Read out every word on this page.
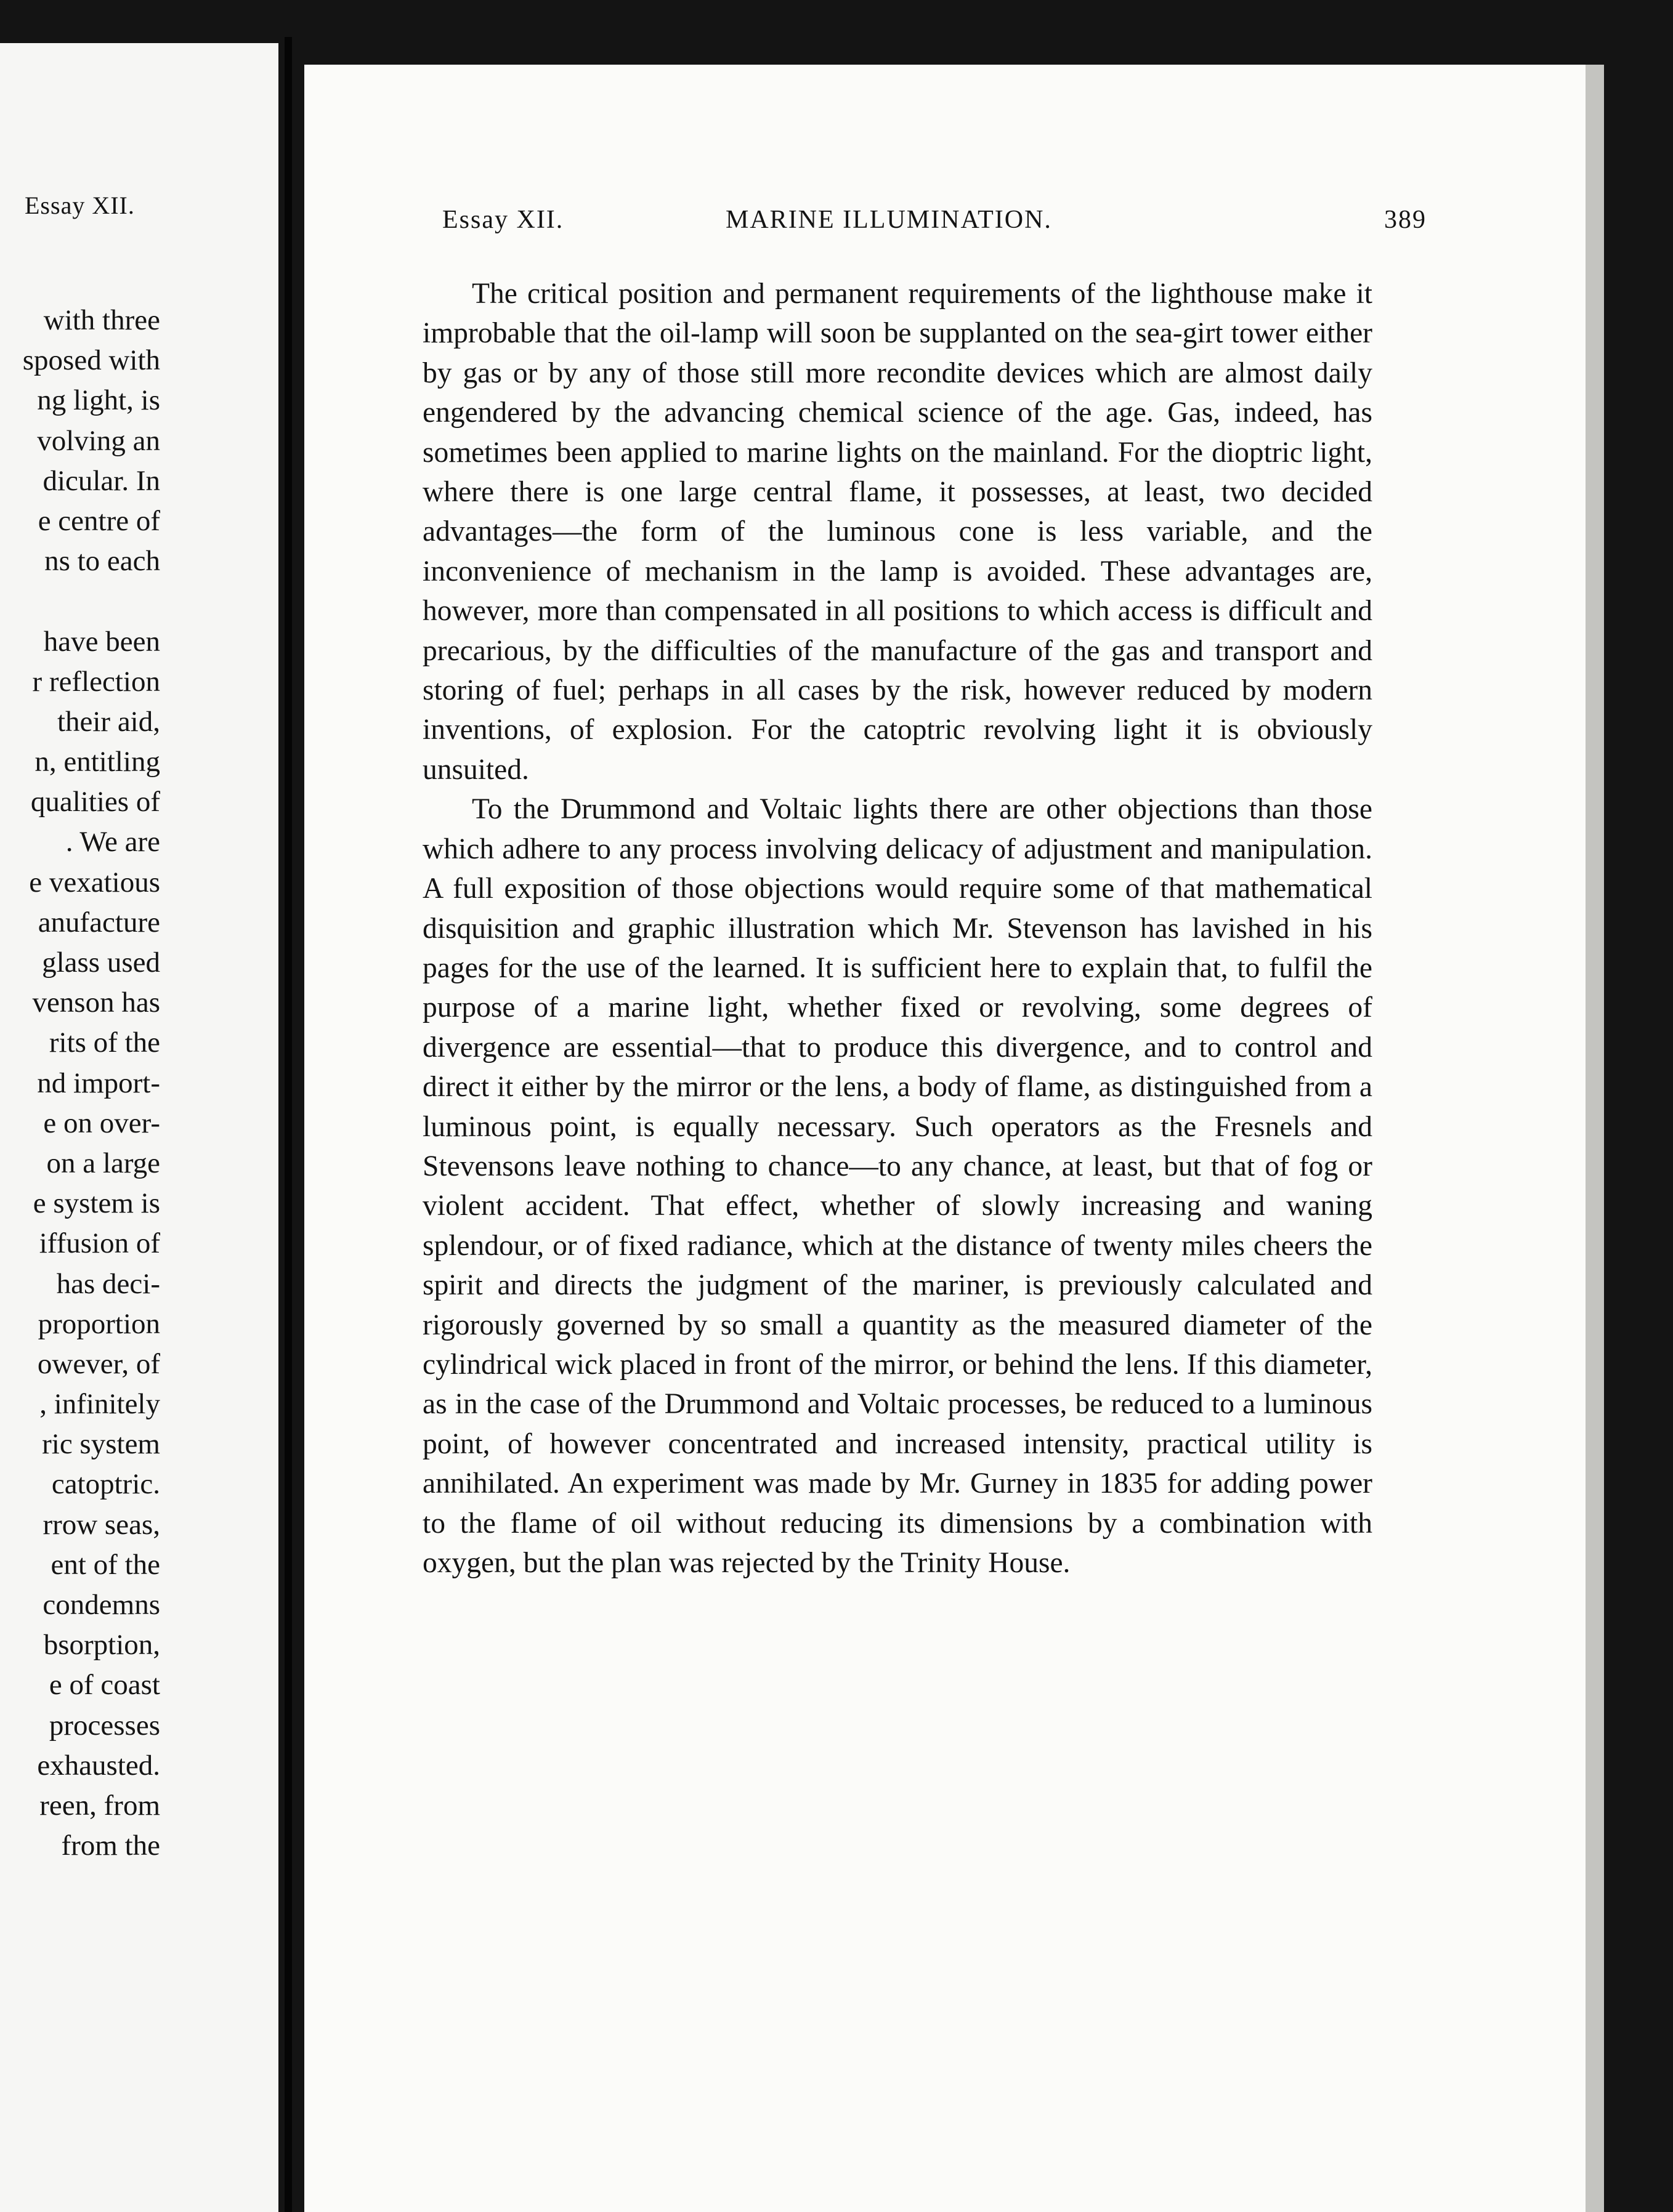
Essay XII.
with three
sposed with
ng light, is
volving an
dicular. In
e centre of
ns to each
have been
r reflection
their aid,
n, entitling
qualities of
. We are
e vexatious
anufacture
glass used
venson has
rits of the
nd import-
e on over-
on a large
e system is
iffusion of
has deci-
proportion
owever, of
, infinitely
ric system
catoptric.
rrow seas,
ent of the
condemns
bsorption,
e of coast
processes
exhausted.
reen, from
from the
Essay XII.	MARINE ILLUMINATION.	389

The critical position and permanent requirements of the lighthouse make it improbable that the oil-lamp will soon be supplanted on the sea-girt tower either by gas or by any of those still more recondite devices which are almost daily engendered by the advancing chemical science of the age. Gas, indeed, has sometimes been applied to marine lights on the mainland. For the dioptric light, where there is one large central flame, it possesses, at least, two decided advantages—the form of the luminous cone is less variable, and the inconvenience of mechanism in the lamp is avoided. These advantages are, however, more than compensated in all positions to which access is difficult and precarious, by the difficulties of the manufacture of the gas and transport and storing of fuel; perhaps in all cases by the risk, however reduced by modern inventions, of explosion. For the catoptric revolving light it is obviously unsuited.

To the Drummond and Voltaic lights there are other objections than those which adhere to any process involving delicacy of adjustment and manipulation. A full exposition of those objections would require some of that mathematical disquisition and graphic illustration which Mr. Stevenson has lavished in his pages for the use of the learned. It is sufficient here to explain that, to fulfil the purpose of a marine light, whether fixed or revolving, some degrees of divergence are essential—that to produce this divergence, and to control and direct it either by the mirror or the lens, a body of flame, as distinguished from a luminous point, is equally necessary. Such operators as the Fresnels and Stevensons leave nothing to chance—to any chance, at least, but that of fog or violent accident. That effect, whether of slowly increasing and waning splendour, or of fixed radiance, which at the distance of twenty miles cheers the spirit and directs the judgment of the mariner, is previously calculated and rigorously governed by so small a quantity as the measured diameter of the cylindrical wick placed in front of the mirror, or behind the lens. If this diameter, as in the case of the Drummond and Voltaic processes, be reduced to a luminous point, of however concentrated and increased intensity, practical utility is annihilated. An experiment was made by Mr. Gurney in 1835 for adding power to the flame of oil without reducing its dimensions by a combination with oxygen, but the plan was rejected by the Trinity House.
